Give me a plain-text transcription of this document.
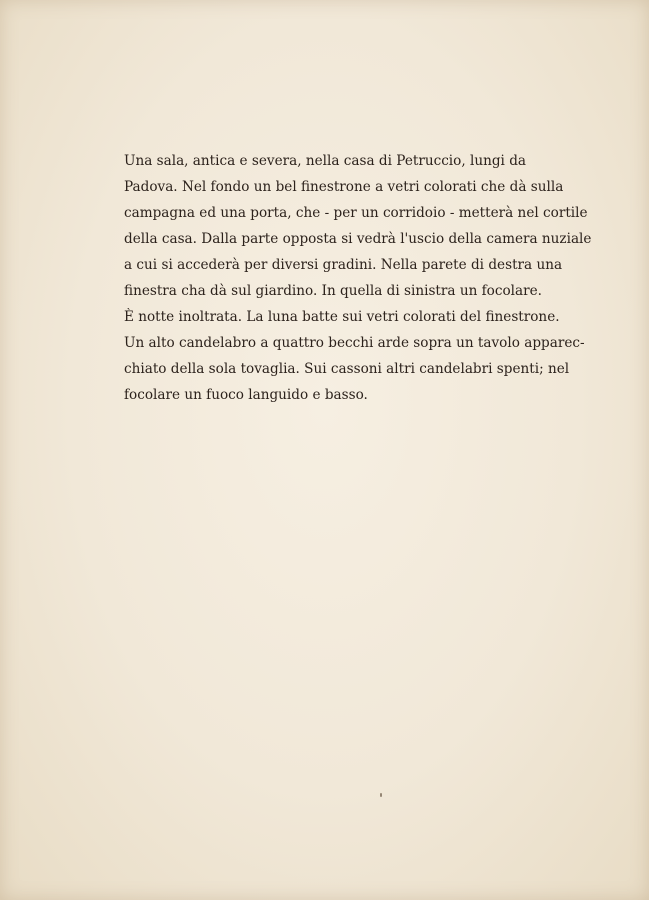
Una sala, antica e severa, nella casa di Petruccio, lungi da
Padova. Nel fondo un bel finestrone a vetri colorati che dà sulla
campagna ed una porta, che - per un corridoio - metterà nel cortile
della casa. Dalla parte opposta si vedrà l'uscio della camera nuziale
a cui si accederà per diversi gradini. Nella parete di destra una
finestra cha dà sul giardino. In quella di sinistra un focolare.
È notte inoltrata. La luna batte sui vetri colorati del finestrone.
Un alto candelabro a quattro becchi arde sopra un tavolo apparec-
chiato della sola tovaglia. Sui cassoni altri candelabri spenti; nel
focolare un fuoco languido e basso.
